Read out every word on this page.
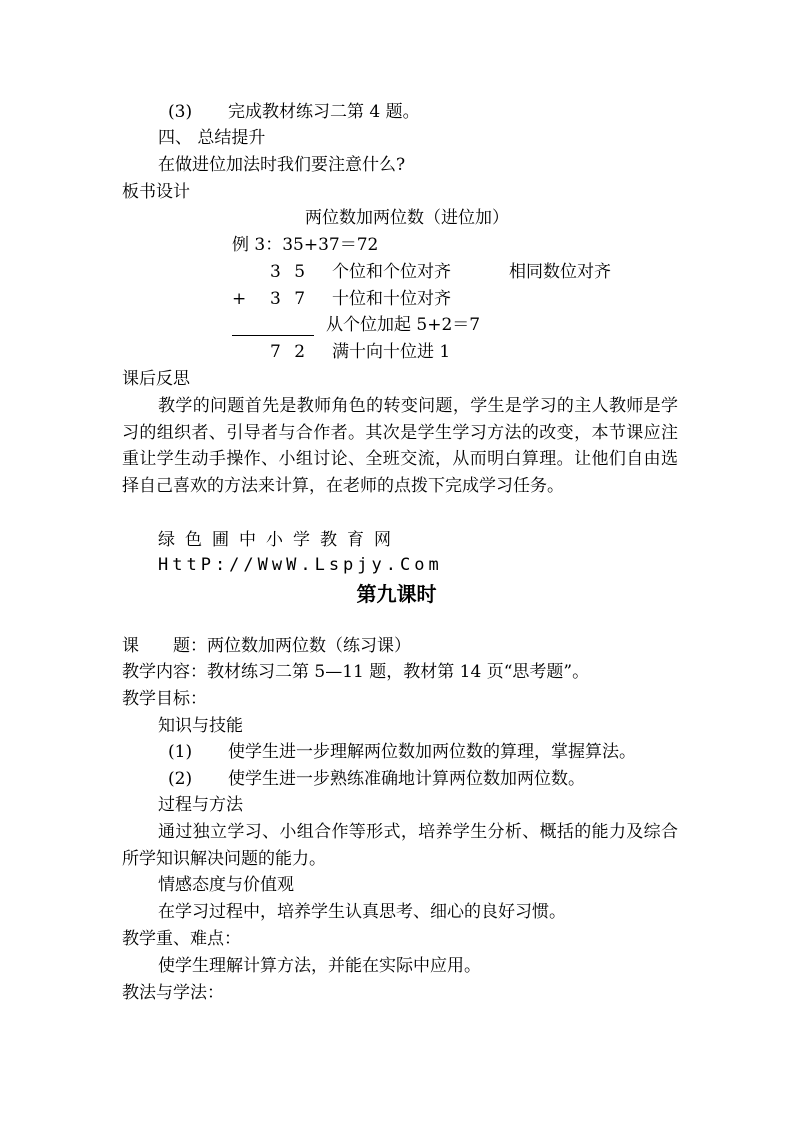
(3) 完成教材练习二第 4 题。
四、 总结提升
在做进位加法时我们要注意什么?
板书设计
两位数加两位数（进位加）
例 3：35+37＝72
3 5 个位和个位对齐	相同数位对齐
+ 3 7 十位和十位对齐
从个位加起 5+2＝7
7 2 满十向十位进 1
课后反思
教学的问题首先是教师角色的转变问题，学生是学习的主人教师是学习的组织者、引导者与合作者。其次是学生学习方法的改变，本节课应注重让学生动手操作、小组讨论、全班交流，从而明白算理。让他们自由选择自己喜欢的方法来计算，在老师的点拨下完成学习任务。
绿色圃中小学教育网
HttP://WwW.Lspjy.Com
第九课时
课　　题：两位数加两位数（练习课）
教学内容：教材练习二第 5—11 题，教材第 14 页“思考题”。
教学目标：
知识与技能
(1) 使学生进一步理解两位数加两位数的算理，掌握算法。
(2) 使学生进一步熟练准确地计算两位数加两位数。
过程与方法
通过独立学习、小组合作等形式，培养学生分析、概括的能力及综合所学知识解决问题的能力。
情感态度与价值观
在学习过程中，培养学生认真思考、细心的良好习惯。
教学重、难点：
使学生理解计算方法，并能在实际中应用。
教法与学法：
